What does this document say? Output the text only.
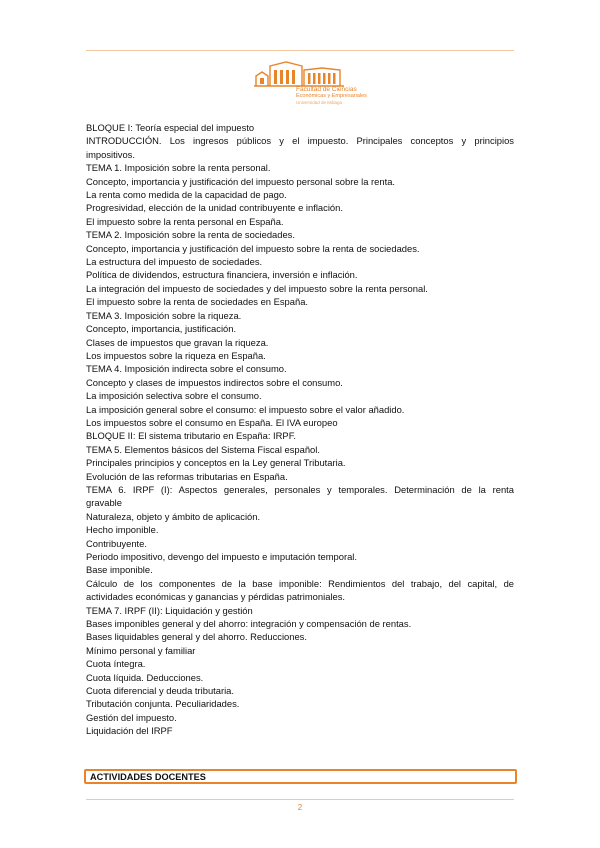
Facultad de Ciencias
Económicas y Empresariales
Universidad de Málaga
BLOQUE I: Teoría especial del impuesto
INTRODUCCIÓN. Los ingresos públicos y el impuesto. Principales conceptos y principios
impositivos.
TEMA 1. Imposición sobre la renta personal.
Concepto, importancia y justificación del impuesto personal sobre la renta.
La renta como medida de la capacidad de pago.
Progresividad, elección de la unidad contribuyente e inflación.
El impuesto sobre la renta personal en España.
TEMA 2. Imposición sobre la renta de sociedades.
Concepto, importancia y justificación del impuesto sobre la renta de sociedades.
La estructura del impuesto de sociedades.
Política de dividendos, estructura financiera, inversión e inflación.
La integración del impuesto de sociedades y del impuesto sobre la renta personal.
El impuesto sobre la renta de sociedades en España.
TEMA 3. Imposición sobre la riqueza.
Concepto, importancia, justificación.
Clases de impuestos que gravan la riqueza.
Los impuestos sobre la riqueza en España.
TEMA 4. Imposición indirecta sobre el consumo.
Concepto y clases de impuestos indirectos sobre el consumo.
La imposición selectiva sobre el consumo.
La imposición general sobre el consumo: el impuesto sobre el valor añadido.
Los impuestos sobre el consumo en España. El IVA europeo
BLOQUE II: El sistema tributario en España: IRPF.
TEMA 5. Elementos básicos del Sistema Fiscal español.
Principales principios y conceptos en la Ley general Tributaria.
Evolución de las reformas tributarias en España.
TEMA 6. IRPF (I): Aspectos generales, personales y temporales. Determinación de la renta
gravable
Naturaleza, objeto y ámbito de aplicación.
Hecho imponible.
Contribuyente.
Periodo impositivo, devengo del impuesto e imputación temporal.
Base imponible.
Cálculo de los componentes de la base imponible: Rendimientos del trabajo, del capital, de
actividades económicas y ganancias y pérdidas patrimoniales.
TEMA 7. IRPF (II): Liquidación y gestión
Bases imponibles general y del ahorro: integración y compensación de rentas.
Bases liquidables general y del ahorro. Reducciones.
Mínimo personal y familiar
Cuota íntegra.
Cuota líquida. Deducciones.
Cuota diferencial y deuda tributaria.
Tributación conjunta. Peculiaridades.
Gestión del impuesto.
Liquidación del IRPF
ACTIVIDADES DOCENTES
2
